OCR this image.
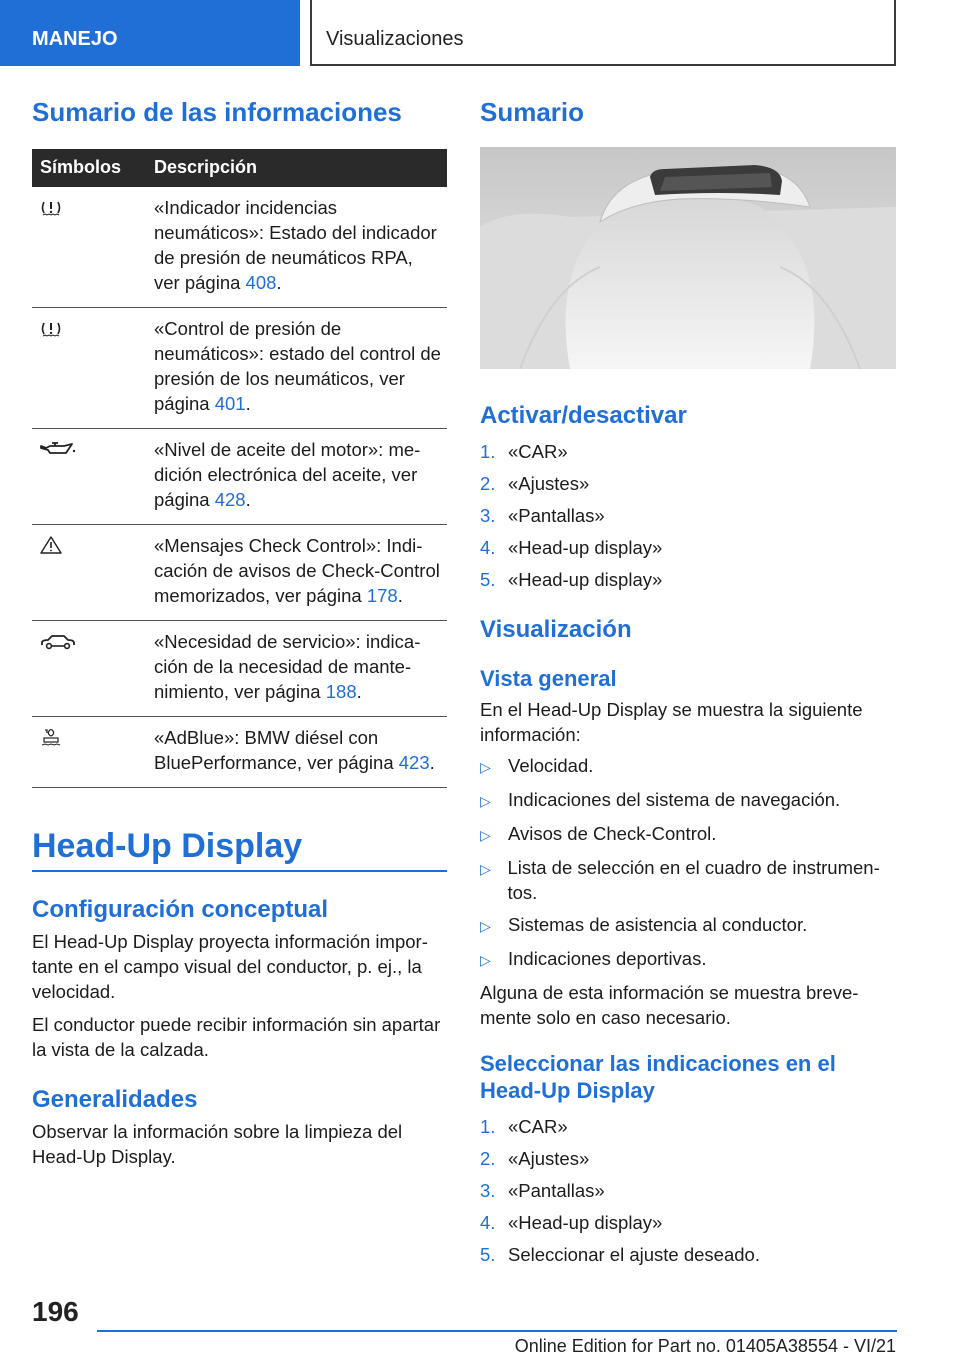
MANEJO	Visualizaciones
Sumario de las informaciones
Símbolos	Descripción
	«Indicador incidencias neumáticos»: Estado del indicador de presión de neumáticos RPA, ver página 408.
	«Control de presión de neumáticos»: estado del control de presión de los neumáticos, ver página 401.
	«Nivel de aceite del motor»: medición electrónica del aceite, ver página 428.
	«Mensajes Check Control»: Indicación de avisos de Check-Control memorizados, ver página 178.
	«Necesidad de servicio»: indicación de la necesidad de mantenimiento, ver página 188.
	«AdBlue»: BMW diésel con BluePerformance, ver página 423.
Head-Up Display
Configuración conceptual

El Head-Up Display proyecta información importante en el campo visual del conductor, p. ej., la velocidad.

El conductor puede recibir información sin apartar la vista de la calzada.

Generalidades

Observar la información sobre la limpieza del Head-Up Display.

Sumario
Activar/desactivar
1. «CAR»
2. «Ajustes»
3. «Pantallas»
4. «Head-up display»
5. «Head-up display»
Visualización
Vista general

En el Head-Up Display se muestra la siguiente información:

▷ Velocidad.
▷ Indicaciones del sistema de navegación.
▷ Avisos de Check-Control.
▷ Lista de selección en el cuadro de instrumentos.
▷ Sistemas de asistencia al conductor.
▷ Indicaciones deportivas.

Alguna de esta información se muestra brevemente solo en caso necesario.

Seleccionar las indicaciones en el Head-Up Display
1. «CAR»
2. «Ajustes»
3. «Pantallas»
4. «Head-up display»
5. Seleccionar el ajuste deseado.
196
Online Edition for Part no. 01405A38554 - VI/21
